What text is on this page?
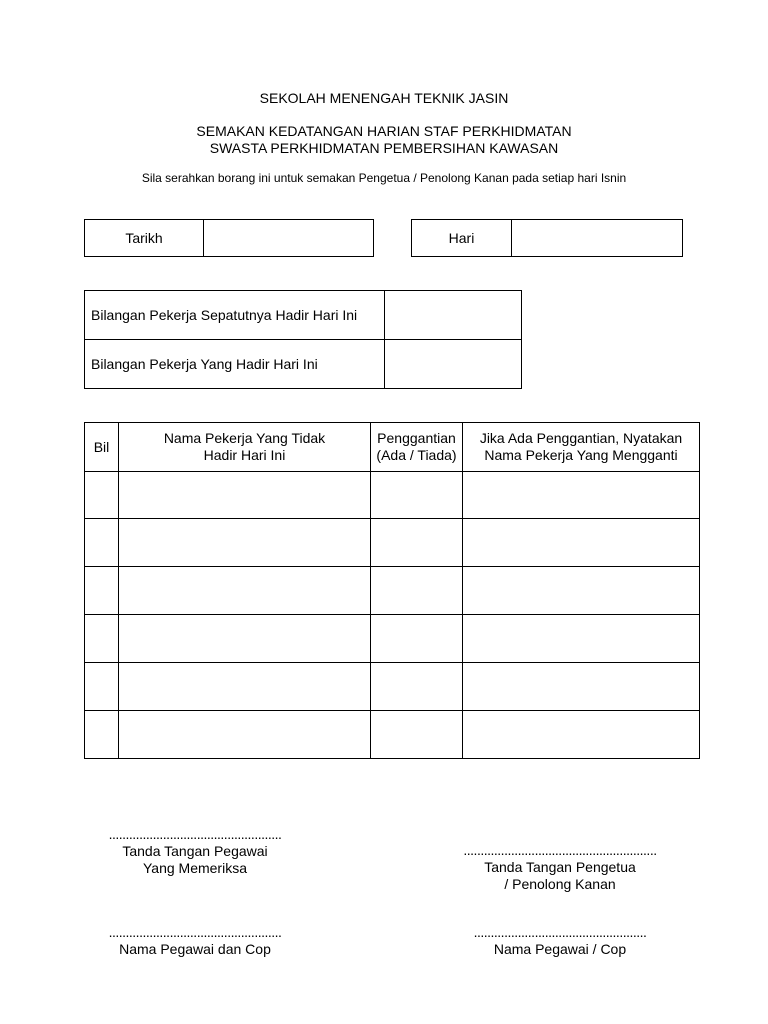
SEKOLAH MENENGAH TEKNIK JASIN
SEMAKAN KEDATANGAN HARIAN STAF PERKHIDMATAN
SWASTA PERKHIDMATAN PEMBERSIHAN KAWASAN
Sila serahkan borang ini untuk semakan Pengetua / Penolong Kanan pada setiap hari Isnin
Tarikh		Hari	
Bilangan Pekerja Sepatutnya Hadir Hari Ini	
Bilangan Pekerja Yang Hadir Hari Ini	
Bil	Nama Pekerja Yang Tidak Hadir Hari Ini	Penggantian (Ada / Tiada)	Jika Ada Penggantian, Nyatakan Nama Pekerja Yang Mengganti

...................................................
Tanda Tangan Pegawai
Yang Memeriksa
.........................................................
Tanda Tangan Pengetua
/ Penolong Kanan
...................................................
Nama Pegawai dan Cop
...................................................
Nama Pegawai / Cop
